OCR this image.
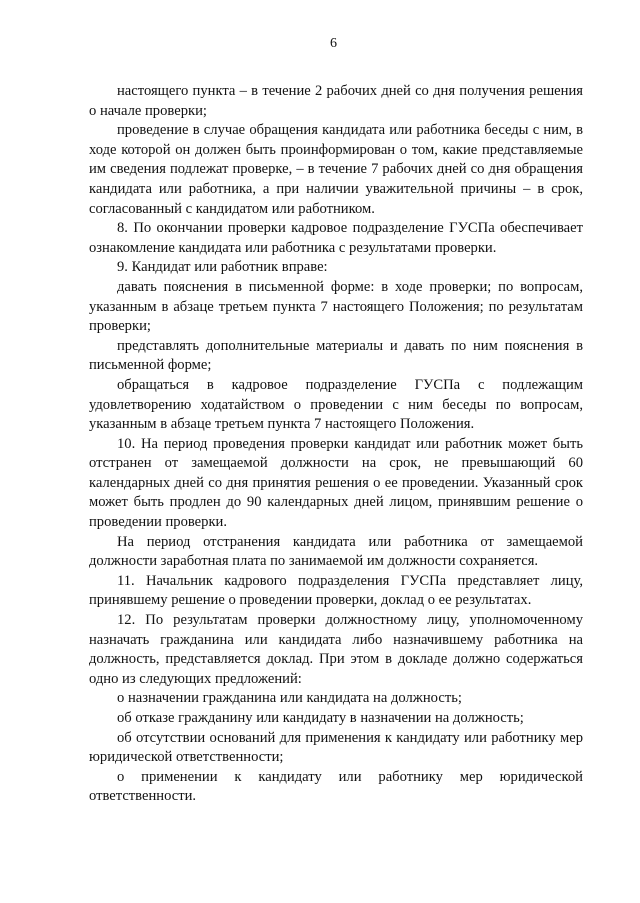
6

настоящего пункта – в течение 2 рабочих дней со дня получения решения о начале проверки;

проведение в случае обращения кандидата или работника беседы с ним, в ходе которой он должен быть проинформирован о том, какие представляемые им сведения подлежат проверке, – в течение 7 рабочих дней со дня обращения кандидата или работника, а при наличии уважительной причины – в срок, согласованный с кандидатом или работником.

8. По окончании проверки кадровое подразделение ГУСПа обеспечивает ознакомление кандидата или работника с результатами проверки.

9. Кандидат или работник вправе:

давать пояснения в письменной форме: в ходе проверки; по вопросам, указанным в абзаце третьем пункта 7 настоящего Положения; по результатам проверки;

представлять дополнительные материалы и давать по ним пояснения в письменной форме;

обращаться в кадровое подразделение ГУСПа с подлежащим удовлетворению ходатайством о проведении с ним беседы по вопросам, указанным в абзаце третьем пункта 7 настоящего Положения.

10. На период проведения проверки кандидат или работник может быть отстранен от замещаемой должности на срок, не превышающий 60 календарных дней со дня принятия решения о ее проведении. Указанный срок может быть продлен до 90 календарных дней лицом, принявшим решение о проведении проверки.

На период отстранения кандидата или работника от замещаемой должности заработная плата по занимаемой им должности сохраняется.

11. Начальник кадрового подразделения ГУСПа представляет лицу, принявшему решение о проведении проверки, доклад о ее результатах.

12. По результатам проверки должностному лицу, уполномоченному назначать гражданина или кандидата либо назначившему работника на должность, представляется доклад. При этом в докладе должно содержаться одно из следующих предложений:

о назначении гражданина или кандидата на должность;

об отказе гражданину или кандидату в назначении на должность;

об отсутствии оснований для применения к кандидату или работнику мер юридической ответственности;

о применении к кандидату или работнику мер юридической ответственности.
